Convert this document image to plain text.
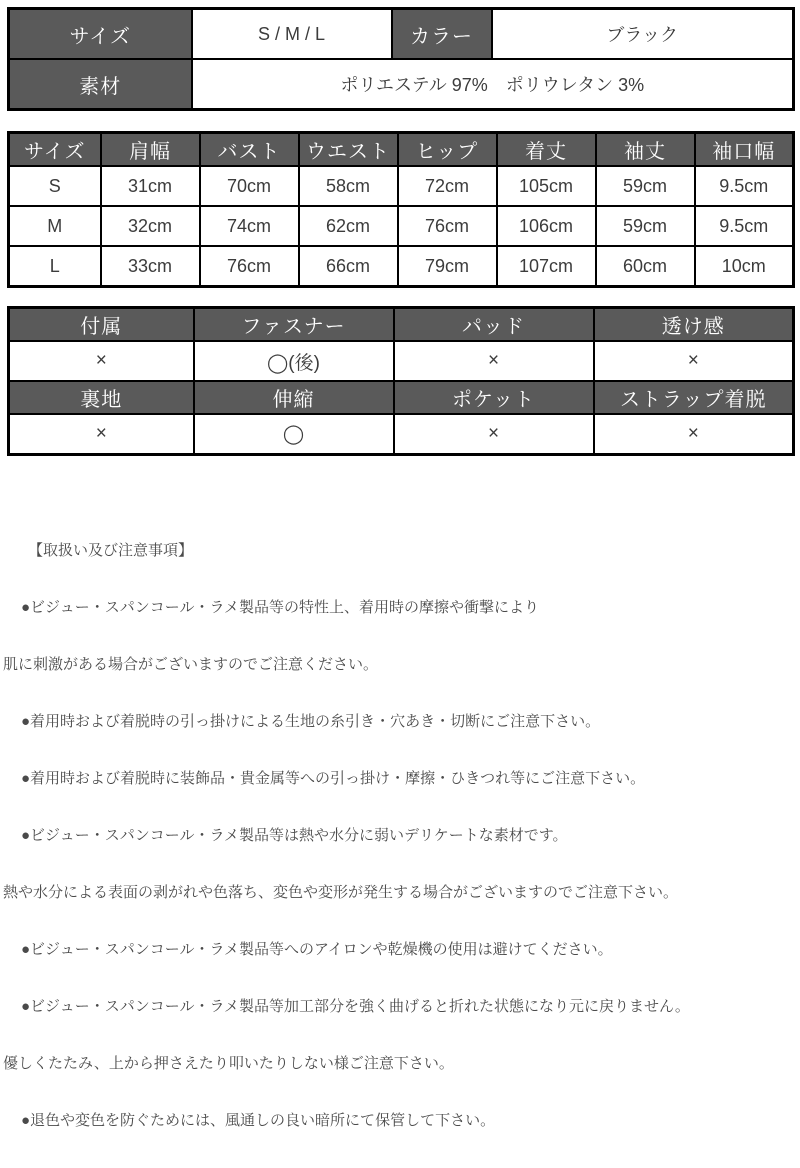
サイズ	S / M / L	カラー	ブラック
素材	ポリエステル 97%　ポリウレタン 3%		
サイズ	肩幅	バスト	ウエスト	ヒップ	着丈	袖丈	袖口幅
S	31cm	70cm	58cm	72cm	105cm	59cm	9.5cm
M	32cm	74cm	62cm	76cm	106cm	59cm	9.5cm
L	33cm	76cm	66cm	79cm	107cm	60cm	10cm
付属	ファスナー	パッド	透け感
×	◯(後)	×	×
裏地	伸縮	ポケット	ストラップ着脱
×	◯	×	×

【取扱い及び注意事項】

●ビジュー・スパンコール・ラメ製品等の特性上、着用時の摩擦や衝撃により

肌に刺激がある場合がございますのでご注意ください。

●着用時および着脱時の引っ掛けによる生地の糸引き・穴あき・切断にご注意下さい。

●着用時および着脱時に装飾品・貴金属等への引っ掛け・摩擦・ひきつれ等にご注意下さい。

●ビジュー・スパンコール・ラメ製品等は熱や水分に弱いデリケートな素材です。

熱や水分による表面の剥がれや色落ち、変色や変形が発生する場合がございますのでご注意下さい。

●ビジュー・スパンコール・ラメ製品等へのアイロンや乾燥機の使用は避けてください。

●ビジュー・スパンコール・ラメ製品等加工部分を強く曲げると折れた状態になり元に戻りません。

優しくたたみ、上から押さえたり叩いたりしない様ご注意下さい。

●退色や変色を防ぐためには、風通しの良い暗所にて保管して下さい。
